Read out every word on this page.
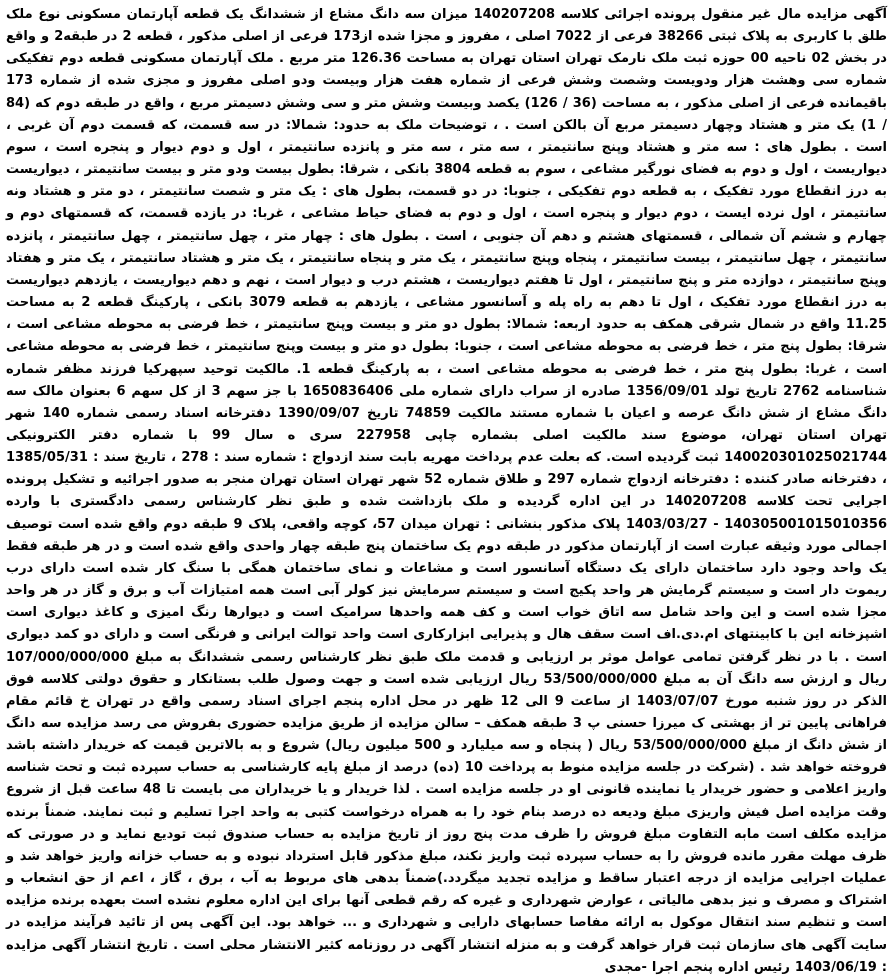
آگهی مزایده مال غیر منقول پرونده اجرائی کلاسه 140207208 میزان سه دانگ مشاع از ششدانگ یک قطعه آپارتمان مسکونی نوع ملک طلق با کاربری به پلاک ثبتی 38266 فرعی از 7022 اصلی ، مفروز و مجزا شده از173 فرعی از اصلی مذکور ، قطعه 2 در طبقه2 و واقع در بخش 02 ناحیه 00 حوزه ثبت ملک نارمک تهران استان تهران به مساحت 126.36 متر مربع . ملک آپارتمان مسکونی قطعه دوم تفکیکی شماره سی وهشت هزار ودویست وشصت وشش فرعی از شماره هفت هزار وبیست ودو اصلی مفروز و مجزی شده از شماره 173 باقیمانده فرعی از اصلی مذکور ، به مساحت (36 / 126) یکصد وبیست وشش متر و سی وشش دسیمتر مربع ، واقع در طبقه دوم که (84 / 1) یک متر و هشتاد وچهار دسیمتر مربع آن بالکن است . ، توضیحات ملک به حدود: شمالا: در سه قسمت، که قسمت دوم آن غربی ، است . بطول های : سه متر و هشتاد وپنج سانتیمتر ، سه متر ، سه متر و پانزده سانتیمتر ، اول و دوم دیوار و پنجره است ، سوم دیواریست ، اول و دوم به فضای نورگیر مشاعی ، سوم به قطعه 3804 بانکی ، شرقا: بطول بیست ودو متر و بیست سانتیمتر ، دیواریست به درز انقطاع مورد تفکیک ، به قطعه دوم تفکیکی ، جنوبا: در دو قسمت، بطول های : یک متر و شصت سانتیمتر ، دو متر و هشتاد ونه سانتیمتر ، اول نرده ایست ، دوم دیوار و پنجره است ، اول و دوم به فضای حیاط مشاعی ، غربا: در یازده قسمت، که قسمتهای دوم و چهارم و ششم آن شمالی ، قسمتهای هشتم و دهم آن جنوبی ، است . بطول های : چهار متر ، چهل سانتیمتر ، چهل سانتیمتر ، پانزده سانتیمتر ، چهل سانتیمتر ، بیست سانتیمتر ، پنجاه وپنج سانتیمتر ، یک متر و پنجاه سانتیمتر ، یک متر و هشتاد سانتیمتر ، یک متر و هفتاد وپنج سانتیمتر ، دوازده متر و پنج سانتیمتر ، اول تا هفتم دیواریست ، هشتم درب و دیوار است ، نهم و دهم دیواریست ، یازدهم دیواریست به درز انقطاع مورد تفکیک ، اول تا دهم به راه پله و آسانسور مشاعی ، یازدهم به قطعه 3079 بانکی ، پارکینگ قطعه 2 به مساحت 11.25 واقع در شمال شرقی همکف به حدود اربعه: شمالا: بطول دو متر و بیست وپنج سانتیمتر ، خط فرضی به محوطه مشاعی است ، شرقا: بطول پنج متر ، خط فرضی به محوطه مشاعی است ، جنوبا: بطول دو متر و بیست وپنج سانتیمتر ، خط فرضی به محوطه مشاعی است ، غربا: بطول پنج متر ، خط فرضی به محوطه مشاعی است ، به پارکینگ قطعه 1. مالکیت توحید سپهرکیا فرزند مظفر شماره شناسنامه 2762 تاریخ تولد 1356/09/01 صادره از سراب دارای شماره ملی 1650836406 با جز سهم 3 از کل سهم 6 بعنوان مالک سه دانگ مشاع از شش دانگ عرصه و اعیان با شماره مستند مالکیت 74859 تاریخ 1390/09/07 دفترخانه اسناد رسمی شماره 140 شهر تهران استان تهران، موضوع سند مالکیت اصلی بشماره چاپی 227958 سری ه سال 99 با شماره دفتر الکترونیکی 140020301025021744 ثبت گردیده است. که بعلت عدم پرداخت مهریه بابت سند ازدواج : شماره سند : 278 ، تاریخ سند : 1385/05/31 ، دفترخانه صادر کننده : دفترخانه ازدواج شماره 297 و طلاق شماره 52 شهر تهران استان تهران منجر به صدور اجرائیه و تشکیل پرونده اجرایی تحت کلاسه 140207208 در این اداره گردیده و ملک بازداشت شده و طبق نظر کارشناس رسمی دادگستری با وارده 140305001015010356 - 1403/03/27 پلاک مذکور بنشانی : تهران میدان 57، کوچه واقعی، پلاک 9 طبقه دوم واقع شده است توصیف اجمالی مورد وثیقه عبارت است از آپارتمان مذکور در طبقه دوم یک ساختمان پنج طبقه چهار واحدی واقع شده است و در هر طبقه فقط یک واحد وجود دارد ساختمان دارای یک دستگاه آسانسور است و مشاعات و نمای ساختمان همگی با سنگ کار شده است دارای درب ریموت دار است و سیستم گرمایش هر واحد پکیج است و سیستم سرمایش نیز کولر آبی است همه امتیازات آب و برق و گاز در هر واحد مجزا شده است و این واحد شامل سه اتاق خواب است و کف همه واحدها سرامیک است و دیوارها رنگ امیزی و کاغذ دیواری است اشپزخانه این با کابینتهای ام.دی.اف است سقف هال و پذیرایی ابزارکاری است واحد توالت ایرانی و فرنگی است و دارای دو کمد دیواری است . با در نظر گرفتن تمامی عوامل موثر بر ارزیابی و قدمت ملک طبق نظر کارشناس رسمی ششدانگ به مبلغ 107/000/000/000 ریال و ارزش سه دانگ آن به مبلغ 53/500/000/000 ریال ارزیابی شده است و جهت وصول طلب بستانکار و حقوق دولتی کلاسه فوق الذکر در روز شنبه مورخ 1403/07/07 از ساعت 9 الی 12 ظهر در محل اداره پنجم اجرای اسناد رسمی واقع در تهران خ قائم مقام فراهانی پایین تر از بهشتی ک میرزا حسنی پ 3 طبقه همکف – سالن مزایده از طریق مزایده حضوری بفروش می رسد مزایده سه دانگ از شش دانگ از مبلغ 53/500/000/000 ریال ( پنجاه و سه میلیارد و 500 میلیون ریال) شروع و به بالاترین قیمت که خریدار داشته باشد فروخته خواهد شد . (شرکت در جلسه مزایده منوط به پرداخت 10 (ده) درصد از مبلغ پایه کارشناسی به حساب سپرده ثبت و تحت شناسه واریز اعلامی و حضور خریدار یا نماینده قانونی او در جلسه مزایده است . لذا خریدار و یا خریداران می بایست تا 48 ساعت قبل از شروع وقت مزایده اصل فیش واریزی مبلغ ودیعه ده درصد بنام خود را به همراه درخواست کتبی به واحد اجرا تسلیم و ثبت نمایند. ضمناً برنده مزایده مکلف است مابه التفاوت مبلغ فروش را ظرف مدت پنج روز از تاریخ مزایده به حساب صندوق ثبت تودیع نماید و در صورتی که ظرف مهلت مقرر مانده فروش را به حساب سپرده ثبت واریز نکند، مبلغ مذکور قابل استرداد نبوده و به حساب خزانه واریز خواهد شد و عملیات اجرایی مزایده از درجه اعتبار ساقط و مزایده تجدید میگردد.)ضمناً بدهی های مربوط به آب ، برق ، گاز ، اعم از حق انشعاب و اشتراک و مصرف و نیز بدهی مالیاتی ، عوارض شهرداری و غیره که رقم قطعی آنها برای این اداره معلوم نشده است بعهده برنده مزایده است و تنظیم سند انتقال موکول به ارائه مفاصا حسابهای دارایی و شهرداری و ... خواهد بود. این آگهی پس از تائید فرآیند مزایده در سایت آگهی های سازمان ثبت قرار خواهد گرفت و به منزله انتشار آگهی در روزنامه کثیر الانتشار محلی است . تاریخ انتشار آگهی مزایده : 1403/06/19 رئیس اداره پنجم اجرا -مجدی
